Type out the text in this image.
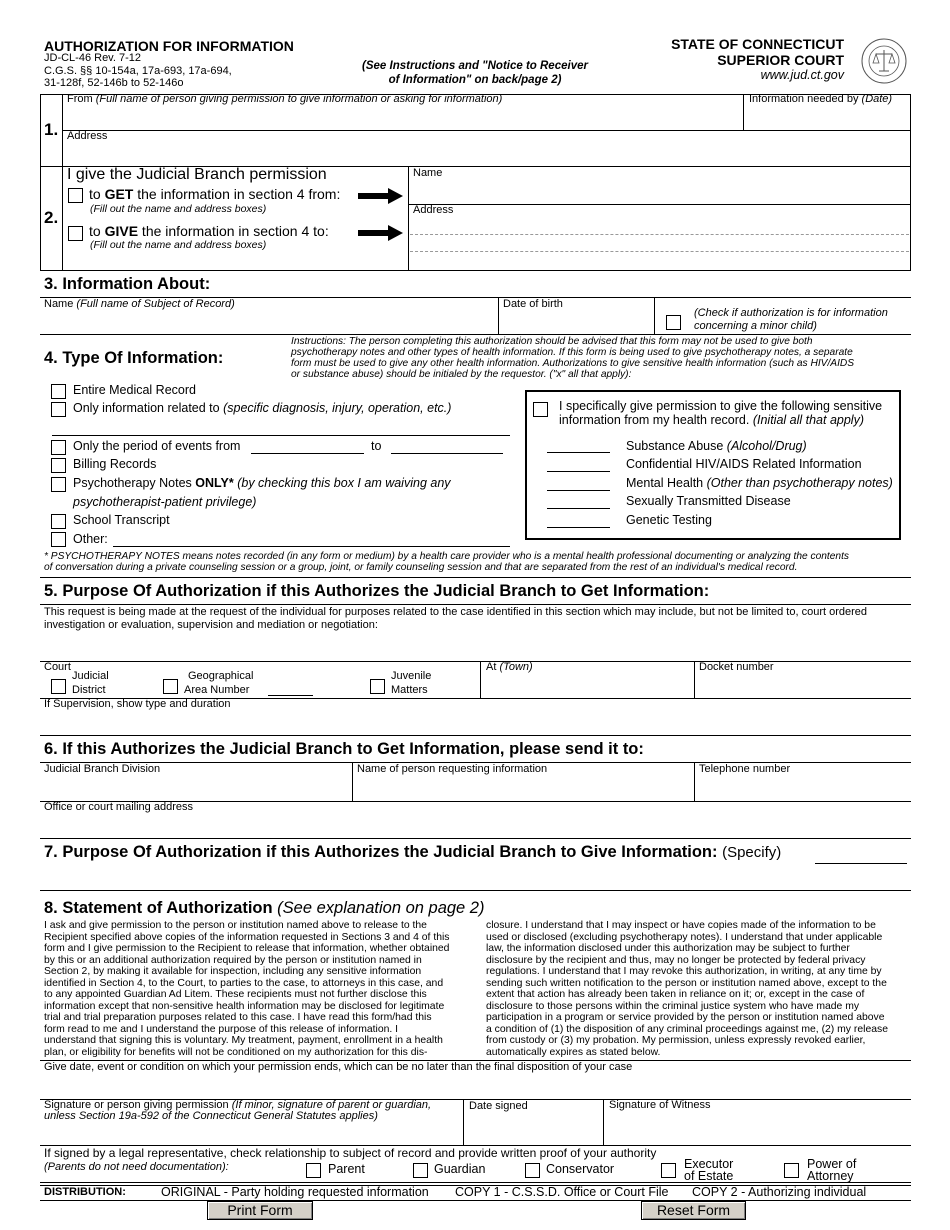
AUTHORIZATION FOR INFORMATION
JD-CL-46 Rev. 7-12
C.G.S. §§ 10-154a, 17a-693, 17a-694,
31-128f, 52-146b to 52-146o
(See Instructions and "Notice to Receiver
of Information" on back/page 2)
STATE OF CONNECTICUT
SUPERIOR COURT
www.jud.ct.gov
1.
From (Full name of person giving permission to give information or asking for information)	Information needed by (Date)
Address
2.
I give the Judicial Branch permission
to GET the information in section 4 from:
(Fill out the name and address boxes)
to GIVE the information in section 4 to:
(Fill out the name and address boxes)
Name
Address
3. Information About:
Name (Full name of Subject of Record)	Date of birth
(Check if authorization is for information
concerning a minor child)
4. Type Of Information:
Instructions: The person completing this authorization should be advised that this form may not be used to give both
psychotherapy notes and other types of health information. If this form is being used to give psychotherapy notes, a separate
form must be used to give any other health information. Authorizations to give sensitive health information (such as HIV/AIDS
or substance abuse) should be initialed by the requestor. ("x" all that apply):
Entire Medical Record
Only information related to (specific diagnosis, injury, operation, etc.)
Only the period of events from	to
Billing Records
Psychotherapy Notes ONLY* (by checking this box I am waiving any
psychotherapist-patient privilege)
School Transcript
Other:
I specifically give permission to give the following sensitive
information from my health record. (Initial all that apply)
Substance Abuse (Alcohol/Drug)
Confidential HIV/AIDS Related Information
Mental Health (Other than psychotherapy notes)
Sexually Transmitted Disease
Genetic Testing
* PSYCHOTHERAPY NOTES means notes recorded (in any form or medium) by a health care provider who is a mental health professional documenting or analyzing the contents
of conversation during a private counseling session or a group, joint, or family counseling session and that are separated from the rest of an individual's medical record.
5. Purpose Of Authorization if this Authorizes the Judicial Branch to Get Information:
This request is being made at the request of the individual for purposes related to the case identified in this section which may include, but not be limited to, court ordered
investigation or evaluation, supervision and mediation or negotiation:
Court
Judicial
District
Geographical
Area Number
Juvenile
Matters
At (Town)	Docket number
If Supervision, show type and duration
6. If this Authorizes the Judicial Branch to Get Information, please send it to:
Judicial Branch Division	Name of person requesting information	Telephone number
Office or court mailing address
7. Purpose Of Authorization if this Authorizes the Judicial Branch to Give Information: (Specify)
8. Statement of Authorization (See explanation on page 2)
I ask and give permission to the person or institution named above to release to the
Recipient specified above copies of the information requested in Sections 3 and 4 of this
form and I give permission to the Recipient to release that information, whether obtained
by this or an additional authorization required by the person or institution named in
Section 2, by making it available for inspection, including any sensitive information
identified in Section 4, to the Court, to parties to the case, to attorneys in this case, and
to any appointed Guardian Ad Litem. These recipients must not further disclose this
information except that non-sensitive health information may be disclosed for legitimate
trial and trial preparation purposes related to this case. I have read this form/had this
form read to me and I understand the purpose of this release of information. I
understand that signing this is voluntary. My treatment, payment, enrollment in a health
plan, or eligibility for benefits will not be conditioned on my authorization for this dis-
closure. I understand that I may inspect or have copies made of the information to be
used or disclosed (excluding psychotherapy notes). I understand that under applicable
law, the information disclosed under this authorization may be subject to further
disclosure by the recipient and thus, may no longer be protected by federal privacy
regulations. I understand that I may revoke this authorization, in writing, at any time by
sending such written notification to the person or institution named above, except to the
extent that action has already been taken in reliance on it; or, except in the case of
disclosure to those persons within the criminal justice system who have made my
participation in a program or service provided by the person or institution named above
a condition of (1) the disposition of any criminal proceedings against me, (2) my release
from custody or (3) my probation. My permission, unless expressly revoked earlier,
automatically expires as stated below.
Give date, event or condition on which your permission ends, which can be no later than the final disposition of your case
Signature or person giving permission (If minor, signature of parent or guardian,
unless Section 19a-592 of the Connecticut General Statutes applies)
Date signed	Signature of Witness
If signed by a legal representative, check relationship to subject of record and provide written proof of your authority
(Parents do not need documentation):	Parent	Guardian	Conservator	Executor
of Estate
Power of
Attorney
DISTRIBUTION:	ORIGINAL - Party holding requested information COPY 1 - C.S.S.D. Office or Court File COPY 2 - Authorizing individual
Print Form	Reset Form
